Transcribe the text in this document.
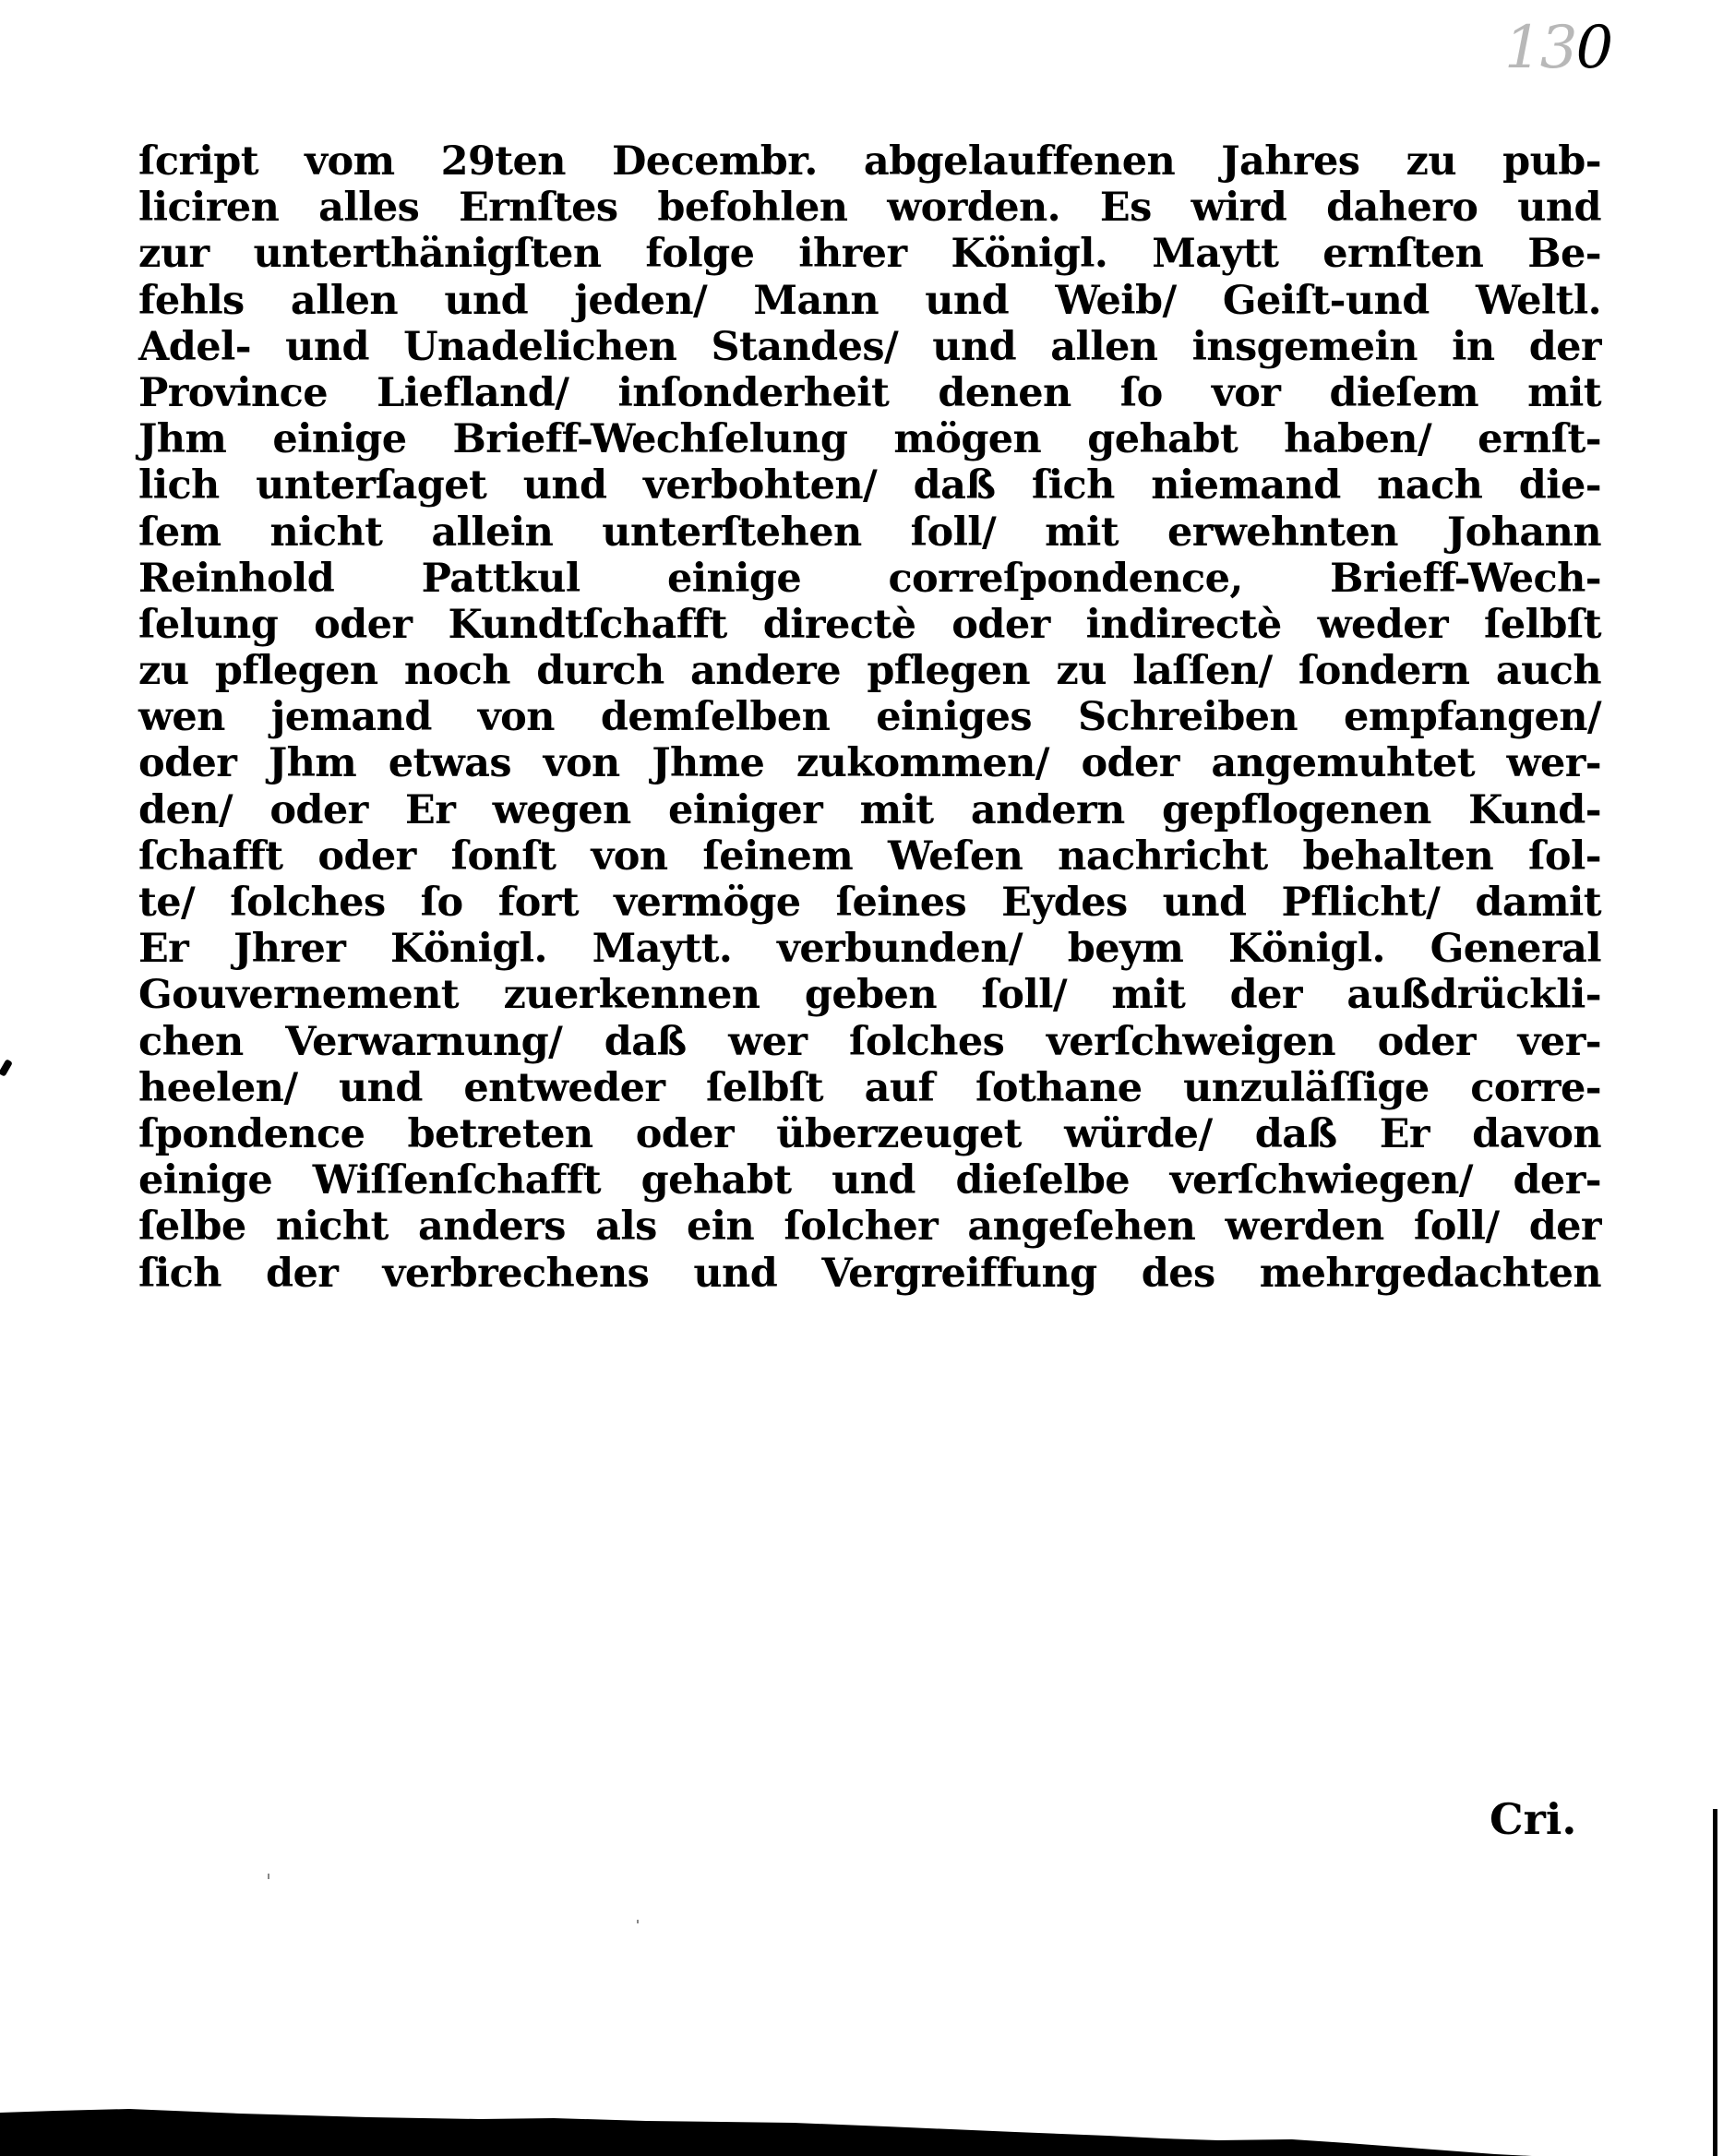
130
ſcript vom 29ten Decembr. abgelauffenen Jahres zu pub-
liciren alles Ernſtes befohlen worden. Es wird dahero und
zur unterthänigſten folge ihrer Königl. Maytt ernſten Be-
fehls allen und jeden/ Mann und Weib/ Geiſt-und Weltl.
Adel- und Unadelichen Standes/ und allen insgemein in der
Province Liefland/ inſonderheit denen ſo vor dieſem mit
Jhm einige Brieff-Wechſelung mögen gehabt haben/ ernſt-
lich unterſaget und verbohten/ daß ſich niemand nach die-
ſem nicht allein unterſtehen ſoll/ mit erwehnten Johann
Reinhold Pattkul einige correſpondence, Brieff-Wech-
ſelung oder Kundtſchafft directè oder indirectè weder ſelbſt
zu pflegen noch durch andere pflegen zu laſſen/ ſondern auch
wen jemand von demſelben einiges Schreiben empfangen/
oder Jhm etwas von Jhme zukommen/ oder angemuhtet wer-
den/ oder Er wegen einiger mit andern gepflogenen Kund-
ſchafft oder ſonſt von ſeinem Weſen nachricht behalten ſol-
te/ ſolches ſo fort vermöge ſeines Eydes und Pflicht/ damit
Er Jhrer Königl. Maytt. verbunden/ beym Königl. General
Gouvernement zuerkennen geben ſoll/ mit der außdrückli-
chen Verwarnung/ daß wer ſolches verſchweigen oder ver-
heelen/ und entweder ſelbſt auf ſothane unzuläſſige corre-
ſpondence betreten oder überzeuget würde/ daß Er davon
einige Wiſſenſchafft gehabt und dieſelbe verſchwiegen/ der-
ſelbe nicht anders als ein ſolcher angeſehen werden ſoll/ der
ſich der verbrechens und Vergreiffung des mehrgedachten
Cri.
